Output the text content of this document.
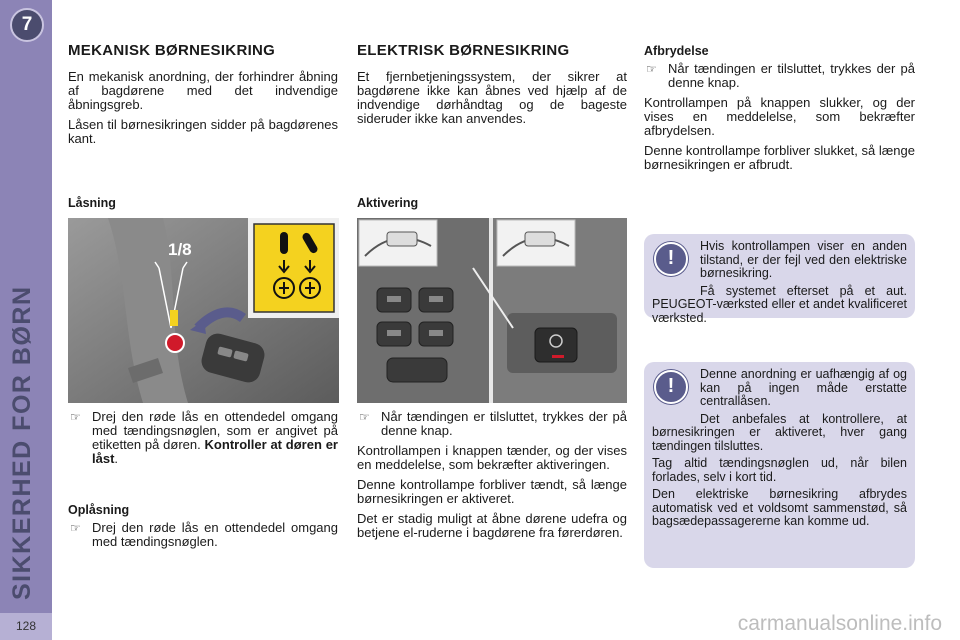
7
SIKKERHED FOR BØRN
128
MEKANISK BØRNESIKRING

En mekanisk anordning, der forhindrer åbning af bagdørene med det indvendige åbningsgreb.

Låsen til børnesikringen sidder på bagdørenes kant.

Låsning
1/8
☞ Drej den røde lås en ottendedel omgang med tændingsnøglen, som er angivet på etiketten på døren. Kontroller at døren er låst.
Oplåsning
☞ Drej den røde lås en ottendedel omgang med tændingsnøglen.
ELEKTRISK BØRNESIKRING

Et fjernbetjeningssystem, der sikrer at bagdørene ikke kan åbnes ved hjælp af de indvendige dørhåndtag og de bageste sideruder ikke kan anvendes.

Aktivering
☞ Når tændingen er tilsluttet, trykkes der på denne knap.

Kontrollampen i knappen tænder, og der vises en meddelelse, som bekræfter aktiveringen.

Denne kontrollampe forbliver tændt, så længe børnesikringen er aktiveret.

Det er stadig muligt at åbne dørene udefra og betjene el-ruderne i bagdørene fra førerdøren.

Afbrydelse
☞ Når tændingen er tilsluttet, trykkes der på denne knap.

Kontrollampen på knappen slukker, og der vises en meddelelse, som bekræfter afbrydelsen.

Denne kontrollampe forbliver slukket, så længe børnesikringen er afbrudt.

!

Hvis kontrollampen viser en anden tilstand, er der fejl ved den elektriske børnesikring.

Få systemet efterset på et aut. PEUGEOT-værksted eller et andet kvalificeret værksted.

!

Denne anordning er uafhængig af og kan på ingen måde erstatte centrallåsen.

Det anbefales at kontrollere, at børnesikringen er aktiveret, hver gang tændingen tilsluttes.

Tag altid tændingsnøglen ud, når bilen forlades, selv i kort tid.

Den elektriske børnesikring afbrydes automatisk ved et voldsomt sammenstød, så bagsædepassagererne kan komme ud.

carmanualsonline.info
